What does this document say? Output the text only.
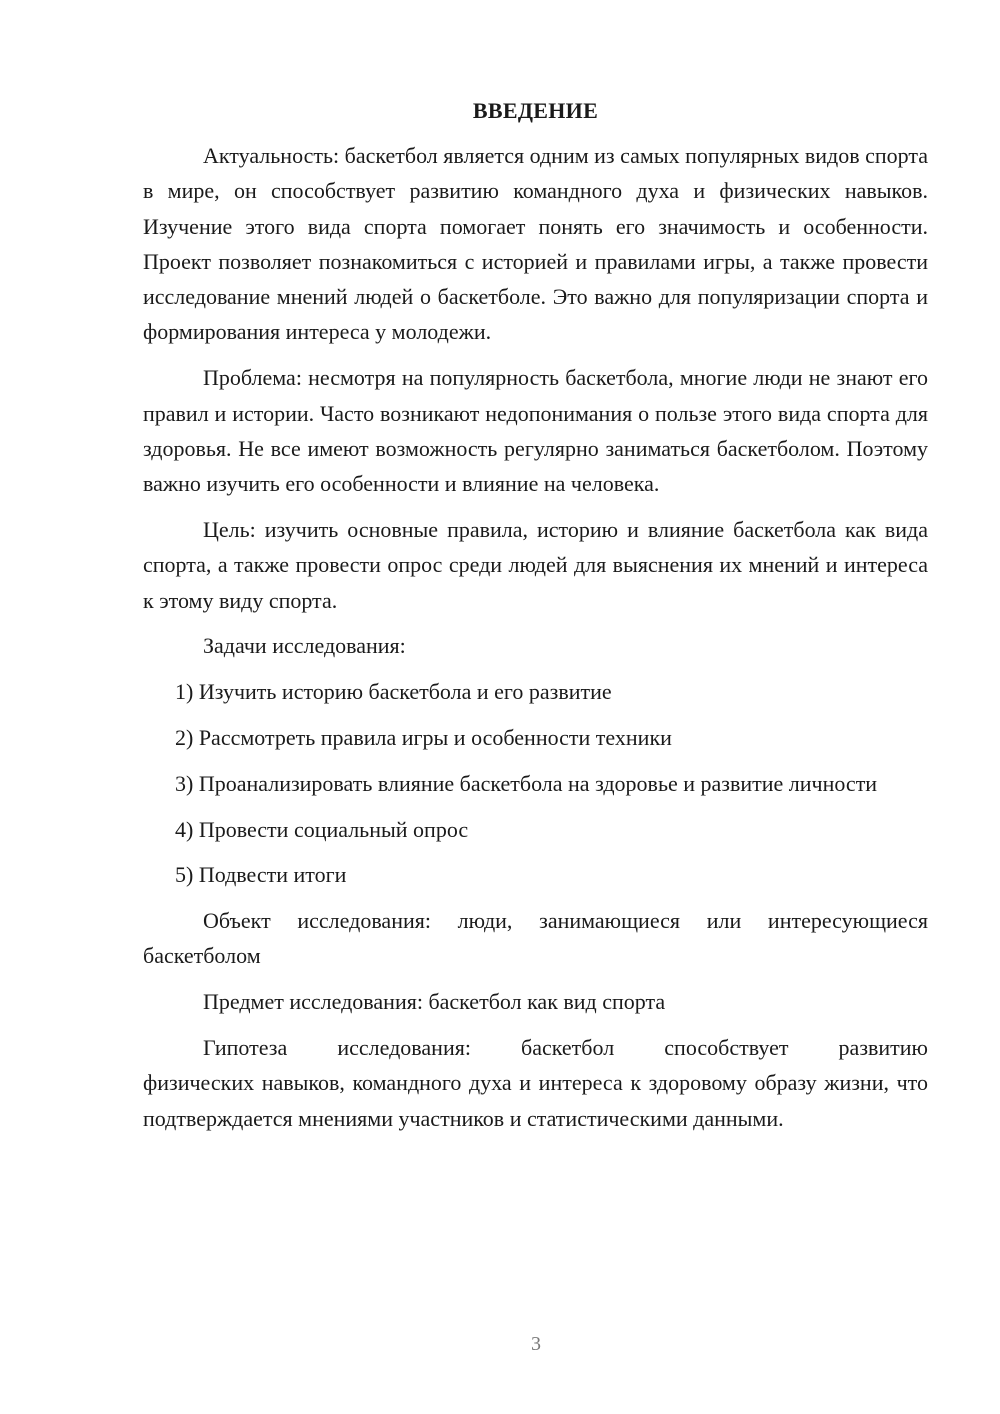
ВВЕДЕНИЕ
Актуальность: баскетбол является одним из самых популярных видов спорта в мире, он способствует развитию командного духа и физических навыков. Изучение этого вида спорта помогает понять его значимость и особенности. Проект позволяет познакомиться с историей и правилами игры, а также провести исследование мнений людей о баскетболе. Это важно для популяризации спорта и формирования интереса у молодежи.
Проблема: несмотря на популярность баскетбола, многие люди не знают его правил и истории. Часто возникают недопонимания о пользе этого вида спорта для здоровья. Не все имеют возможность регулярно заниматься баскетболом. Поэтому важно изучить его особенности и влияние на человека.
Цель: изучить основные правила, историю и влияние баскетбола как вида спорта, а также провести опрос среди людей для выяснения их мнений и интереса к этому виду спорта.
Задачи исследования:
1) Изучить историю баскетбола и его развитие
2) Рассмотреть правила игры и особенности техники
3) Проанализировать влияние баскетбола на здоровье и развитие личности
4) Провести социальный опрос
5) Подвести итоги
Объект исследования: люди, занимающиеся или интересующиеся баскетболом
Предмет исследования: баскетбол как вид спорта
Гипотеза исследования: баскетбол способствует развитию
физических навыков, командного духа и интереса к здоровому образу жизни, что подтверждается мнениями участников и статистическими данными.
3
